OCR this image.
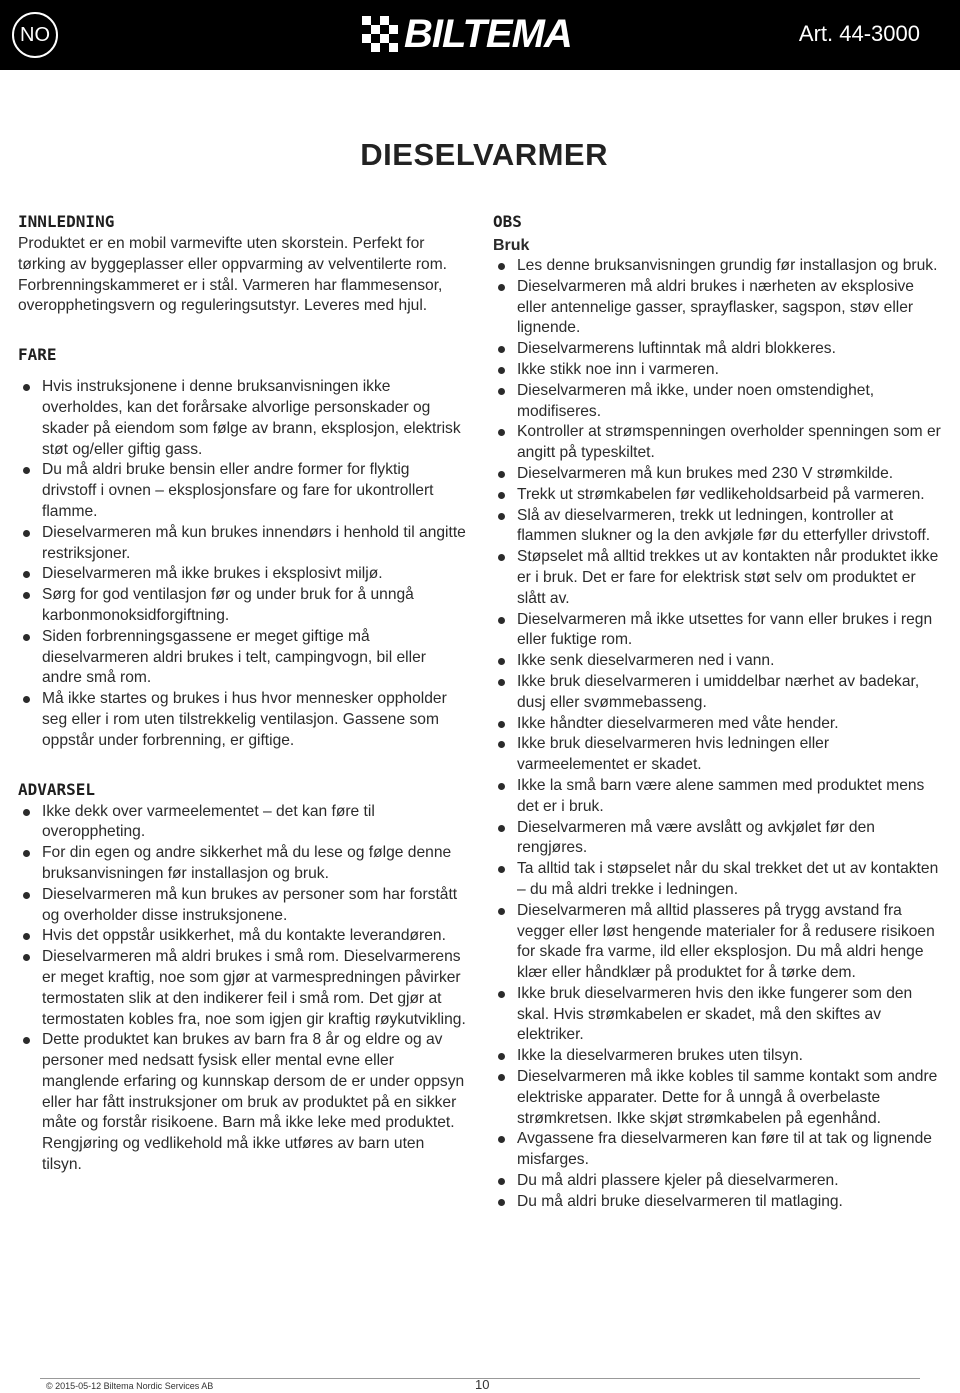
NO	BILTEMA	Art. 44-3000
DIESELVARMER
INNLEDNING

Produktet er en mobil varmevifte uten skorstein. Perfekt for tørking av byggeplasser eller oppvarming av velventilerte rom. Forbrenningskammeret er i stål. Varmeren har flammesensor, overopphetingsvern og reguleringsutstyr. Leveres med hjul.

FARE
Hvis instruksjonene i denne bruksanvisningen ikke overholdes, kan det forårsake alvorlige personskader og skader på eiendom som følge av brann, eksplosjon, elektrisk støt og/eller giftig gass.
Du må aldri bruke bensin eller andre former for flyktig drivstoff i ovnen – eksplosjonsfare og fare for ukontrollert flamme.
Dieselvarmeren må kun brukes innendørs i henhold til angitte restriksjoner.
Dieselvarmeren må ikke brukes i eksplosivt miljø.
Sørg for god ventilasjon før og under bruk for å unngå karbonmonoksidforgiftning.
Siden forbrenningsgassene er meget giftige må dieselvarmeren aldri brukes i telt, campingvogn, bil eller andre små rom.
Må ikke startes og brukes i hus hvor mennesker oppholder seg eller i rom uten tilstrekkelig ventilasjon. Gassene som oppstår under forbrenning, er giftige.
ADVARSEL
Ikke dekk over varmeelementet – det kan føre til overoppheting.
For din egen og andre sikkerhet må du lese og følge denne bruksanvisningen før installasjon og bruk.
Dieselvarmeren må kun brukes av personer som har forstått og overholder disse instruksjonene.
Hvis det oppstår usikkerhet, må du kontakte leverandøren.
Dieselvarmeren må aldri brukes i små rom. Dieselvarmerens er meget kraftig, noe som gjør at varmespredningen påvirker termostaten slik at den indikerer feil i små rom. Det gjør at termostaten kobles fra, noe som igjen gir kraftig røykutvikling.
Dette produktet kan brukes av barn fra 8 år og eldre og av personer med nedsatt fysisk eller mental evne eller manglende erfaring og kunnskap dersom de er under oppsyn eller har fått instruksjoner om bruk av produktet på en sikker måte og forstår risikoene. Barn må ikke leke med produktet. Rengjøring og vedlikehold må ikke utføres av barn uten tilsyn.
OBS
Bruk
Les denne bruksanvisningen grundig før installasjon og bruk.
Dieselvarmeren må aldri brukes i nærheten av eksplosive eller antennelige gasser, sprayflasker, sagspon, støv eller lignende.
Dieselvarmerens luftinntak må aldri blokkeres.
Ikke stikk noe inn i varmeren.
Dieselvarmeren må ikke, under noen omstendighet, modifiseres.
Kontroller at strømspenningen overholder spenningen som er angitt på typeskiltet.
Dieselvarmeren må kun brukes med 230 V strømkilde.
Trekk ut strømkabelen før vedlikeholdsarbeid på varmeren.
Slå av dieselvarmeren, trekk ut ledningen, kontroller at flammen slukner og la den avkjøle før du etterfyller drivstoff.
Støpselet må alltid trekkes ut av kontakten når produktet ikke er i bruk. Det er fare for elektrisk støt selv om produktet er slått av.
Dieselvarmeren må ikke utsettes for vann eller brukes i regn eller fuktige rom.
Ikke senk dieselvarmeren ned i vann.
Ikke bruk dieselvarmeren i umiddelbar nærhet av badekar, dusj eller svømmebasseng.
Ikke håndter dieselvarmeren med våte hender.
Ikke bruk dieselvarmeren hvis ledningen eller varmeelementet er skadet.
Ikke la små barn være alene sammen med produktet mens det er i bruk.
Dieselvarmeren må være avslått og avkjølet før den rengjøres.
Ta alltid tak i støpselet når du skal trekket det ut av kontakten – du må aldri trekke i ledningen.
Dieselvarmeren må alltid plasseres på trygg avstand fra vegger eller løst hengende materialer for å redusere risikoen for skade fra varme, ild eller eksplosjon. Du må aldri henge klær eller håndklær på produktet for å tørke dem.
Ikke bruk dieselvarmeren hvis den ikke fungerer som den skal. Hvis strømkabelen er skadet, må den skiftes av elektriker.
Ikke la dieselvarmeren brukes uten tilsyn.
Dieselvarmeren må ikke kobles til samme kontakt som andre elektriske apparater. Dette for å unngå å overbelaste strømkretsen. Ikke skjøt strømkabelen på egenhånd.
Avgassene fra dieselvarmeren kan føre til at tak og lignende misfarges.
Du må aldri plassere kjeler på dieselvarmeren.
Du må aldri bruke dieselvarmeren til matlaging.
© 2015-05-12 Biltema Nordic Services AB	10
